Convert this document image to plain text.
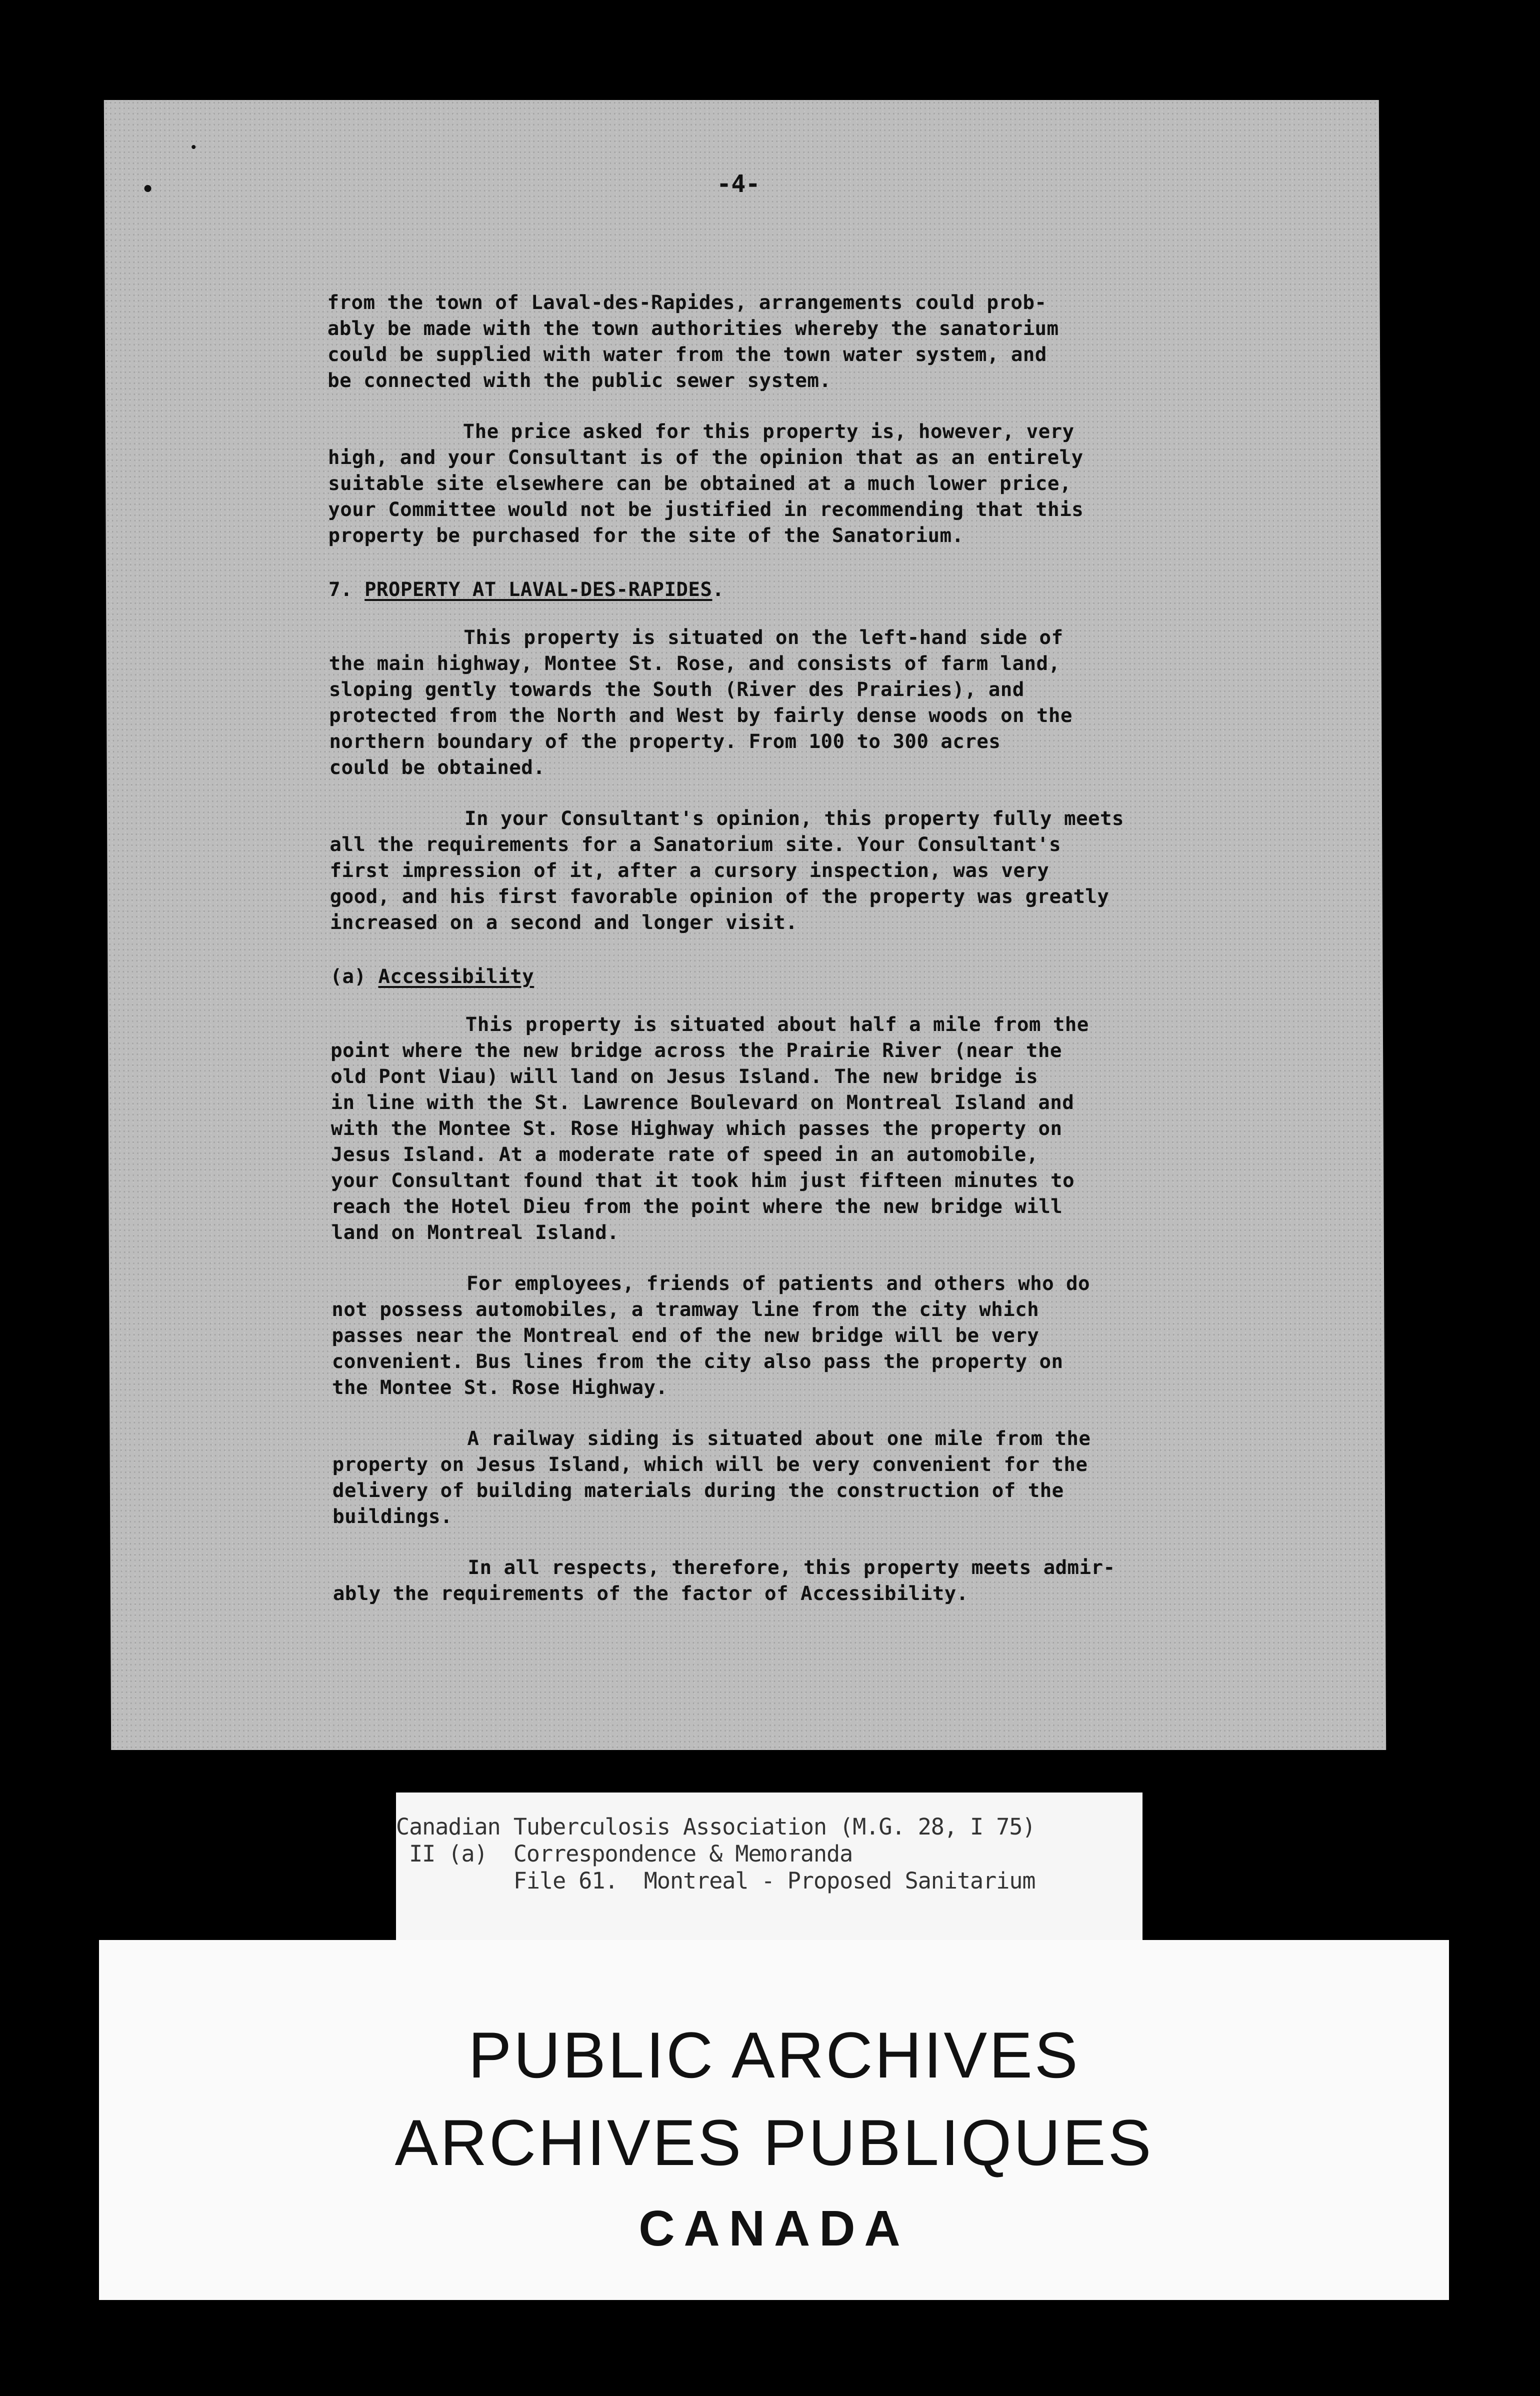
-4-

from the town of Laval-des-Rapides, arrangements could prob-
ably be made with the town authorities whereby the sanatorium
could be supplied with water from the town water system, and
be connected with the public sewer system.

The price asked for this property is, however, very
high, and your Consultant is of the opinion that as an entirely
suitable site elsewhere can be obtained at a much lower price,
your Committee would not be justified in recommending that this
property be purchased for the site of the Sanatorium.

7. PROPERTY AT LAVAL-DES-RAPIDES.

This property is situated on the left-hand side of
the main highway, Montee St. Rose, and consists of farm land,
sloping gently towards the South (River des Prairies), and
protected from the North and West by fairly dense woods on the
northern boundary of the property. From 100 to 300 acres
could be obtained.

In your Consultant's opinion, this property fully meets
all the requirements for a Sanatorium site. Your Consultant's
first impression of it, after a cursory inspection, was very
good, and his first favorable opinion of the property was greatly
increased on a second and longer visit.

(a) Accessibility

This property is situated about half a mile from the
point where the new bridge across the Prairie River (near the
old Pont Viau) will land on Jesus Island. The new bridge is
in line with the St. Lawrence Boulevard on Montreal Island and
with the Montee St. Rose Highway which passes the property on
Jesus Island. At a moderate rate of speed in an automobile,
your Consultant found that it took him just fifteen minutes to
reach the Hotel Dieu from the point where the new bridge will
land on Montreal Island.

For employees, friends of patients and others who do
not possess automobiles, a tramway line from the city which
passes near the Montreal end of the new bridge will be very
convenient. Bus lines from the city also pass the property on
the Montee St. Rose Highway.

A railway siding is situated about one mile from the
property on Jesus Island, which will be very convenient for the
delivery of building materials during the construction of the
buildings.

In all respects, therefore, this property meets admir-
ably the requirements of the factor of Accessibility.

Canadian Tuberculosis Association (M.G. 28, I 75)
II (a)  Correspondence & Memoranda
File 61.  Montreal - Proposed Sanitarium
PUBLIC ARCHIVES
ARCHIVES PUBLIQUES
CANADA
